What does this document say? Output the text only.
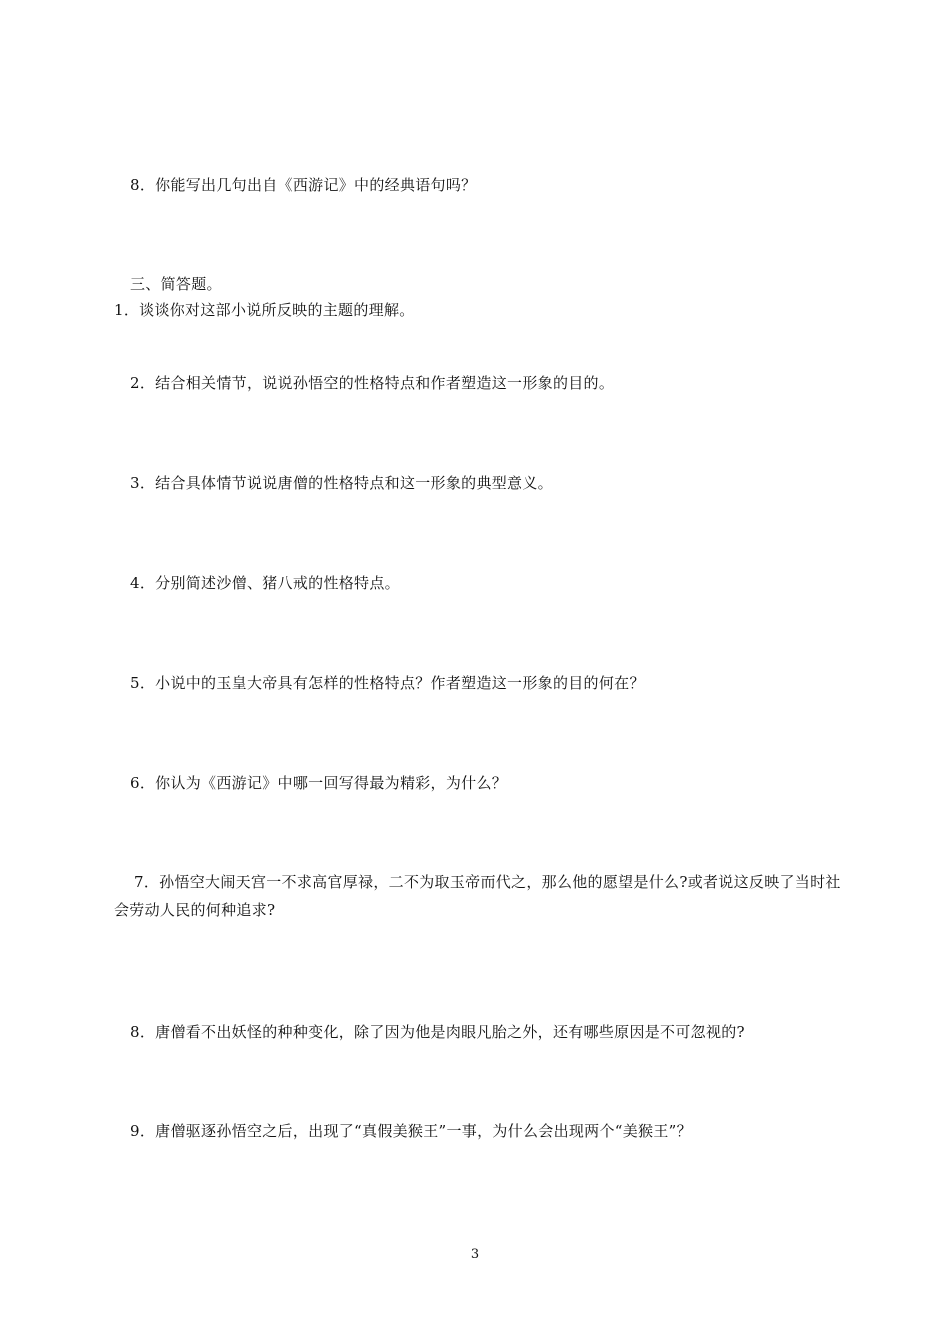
8．你能写出几句出自《西游记》中的经典语句吗？
三、简答题。
1．谈谈你对这部小说所反映的主题的理解。
2．结合相关情节，说说孙悟空的性格特点和作者塑造这一形象的目的。
3．结合具体情节说说唐僧的性格特点和这一形象的典型意义。
4．分别简述沙僧、猪八戒的性格特点。
5．小说中的玉皇大帝具有怎样的性格特点？作者塑造这一形象的目的何在？
6．你认为《西游记》中哪一回写得最为精彩，为什么？
7．孙悟空大闹天宫一不求高官厚禄，二不为取玉帝而代之，那么他的愿望是什么?或者说这反映了当时社会劳动人民的何种追求?
8．唐僧看不出妖怪的种种变化，除了因为他是肉眼凡胎之外，还有哪些原因是不可忽视的?
9．唐僧驱逐孙悟空之后，出现了“真假美猴王”一事，为什么会出现两个“美猴王”？
3
